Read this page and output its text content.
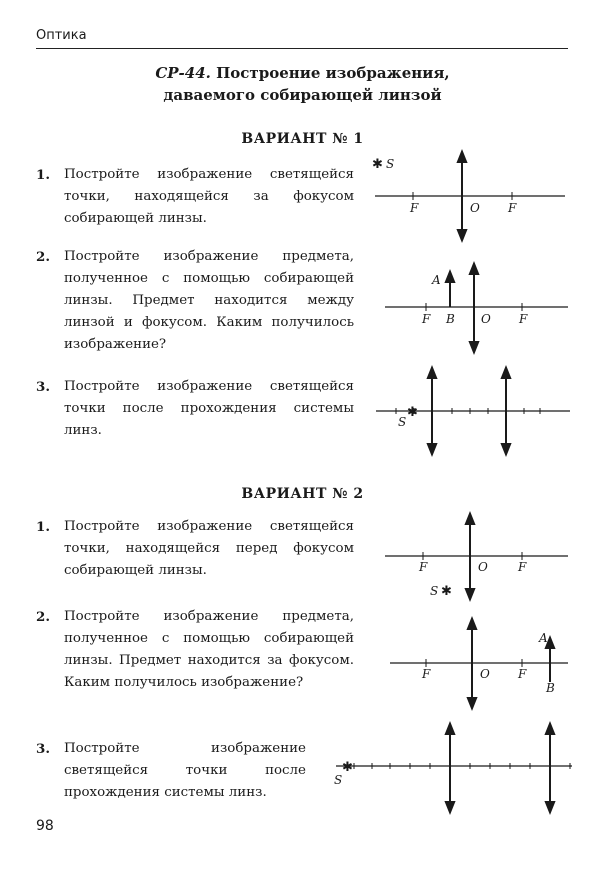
Оптика
СР-44. Построение изображения,
даваемого собирающей линзой
ВАРИАНТ № 1
1. Постройте изображение светящейся точки, находящейся за фокусом собирающей линзы.
2. Постройте изображение предмета, полученное с помощью собирающей линзы. Предмет находится между линзой и фокусом. Каким получилось изображение?
3. Постройте изображение светящейся точки после прохождения системы линз.
ВАРИАНТ № 2
1. Постройте изображение светящейся точки, находящейся перед фокусом собирающей линзы.
2. Постройте изображение предмета, полученное с помощью собирающей линзы. Предмет находится за фокусом. Каким получилось изображение?
3. Постройте изображение светящейся точки после прохождения системы линз.
F	O F
✱ S
A
F B O F
✱
S
F	O	F
S ✱
A
F	O F
B
✱
S
98
